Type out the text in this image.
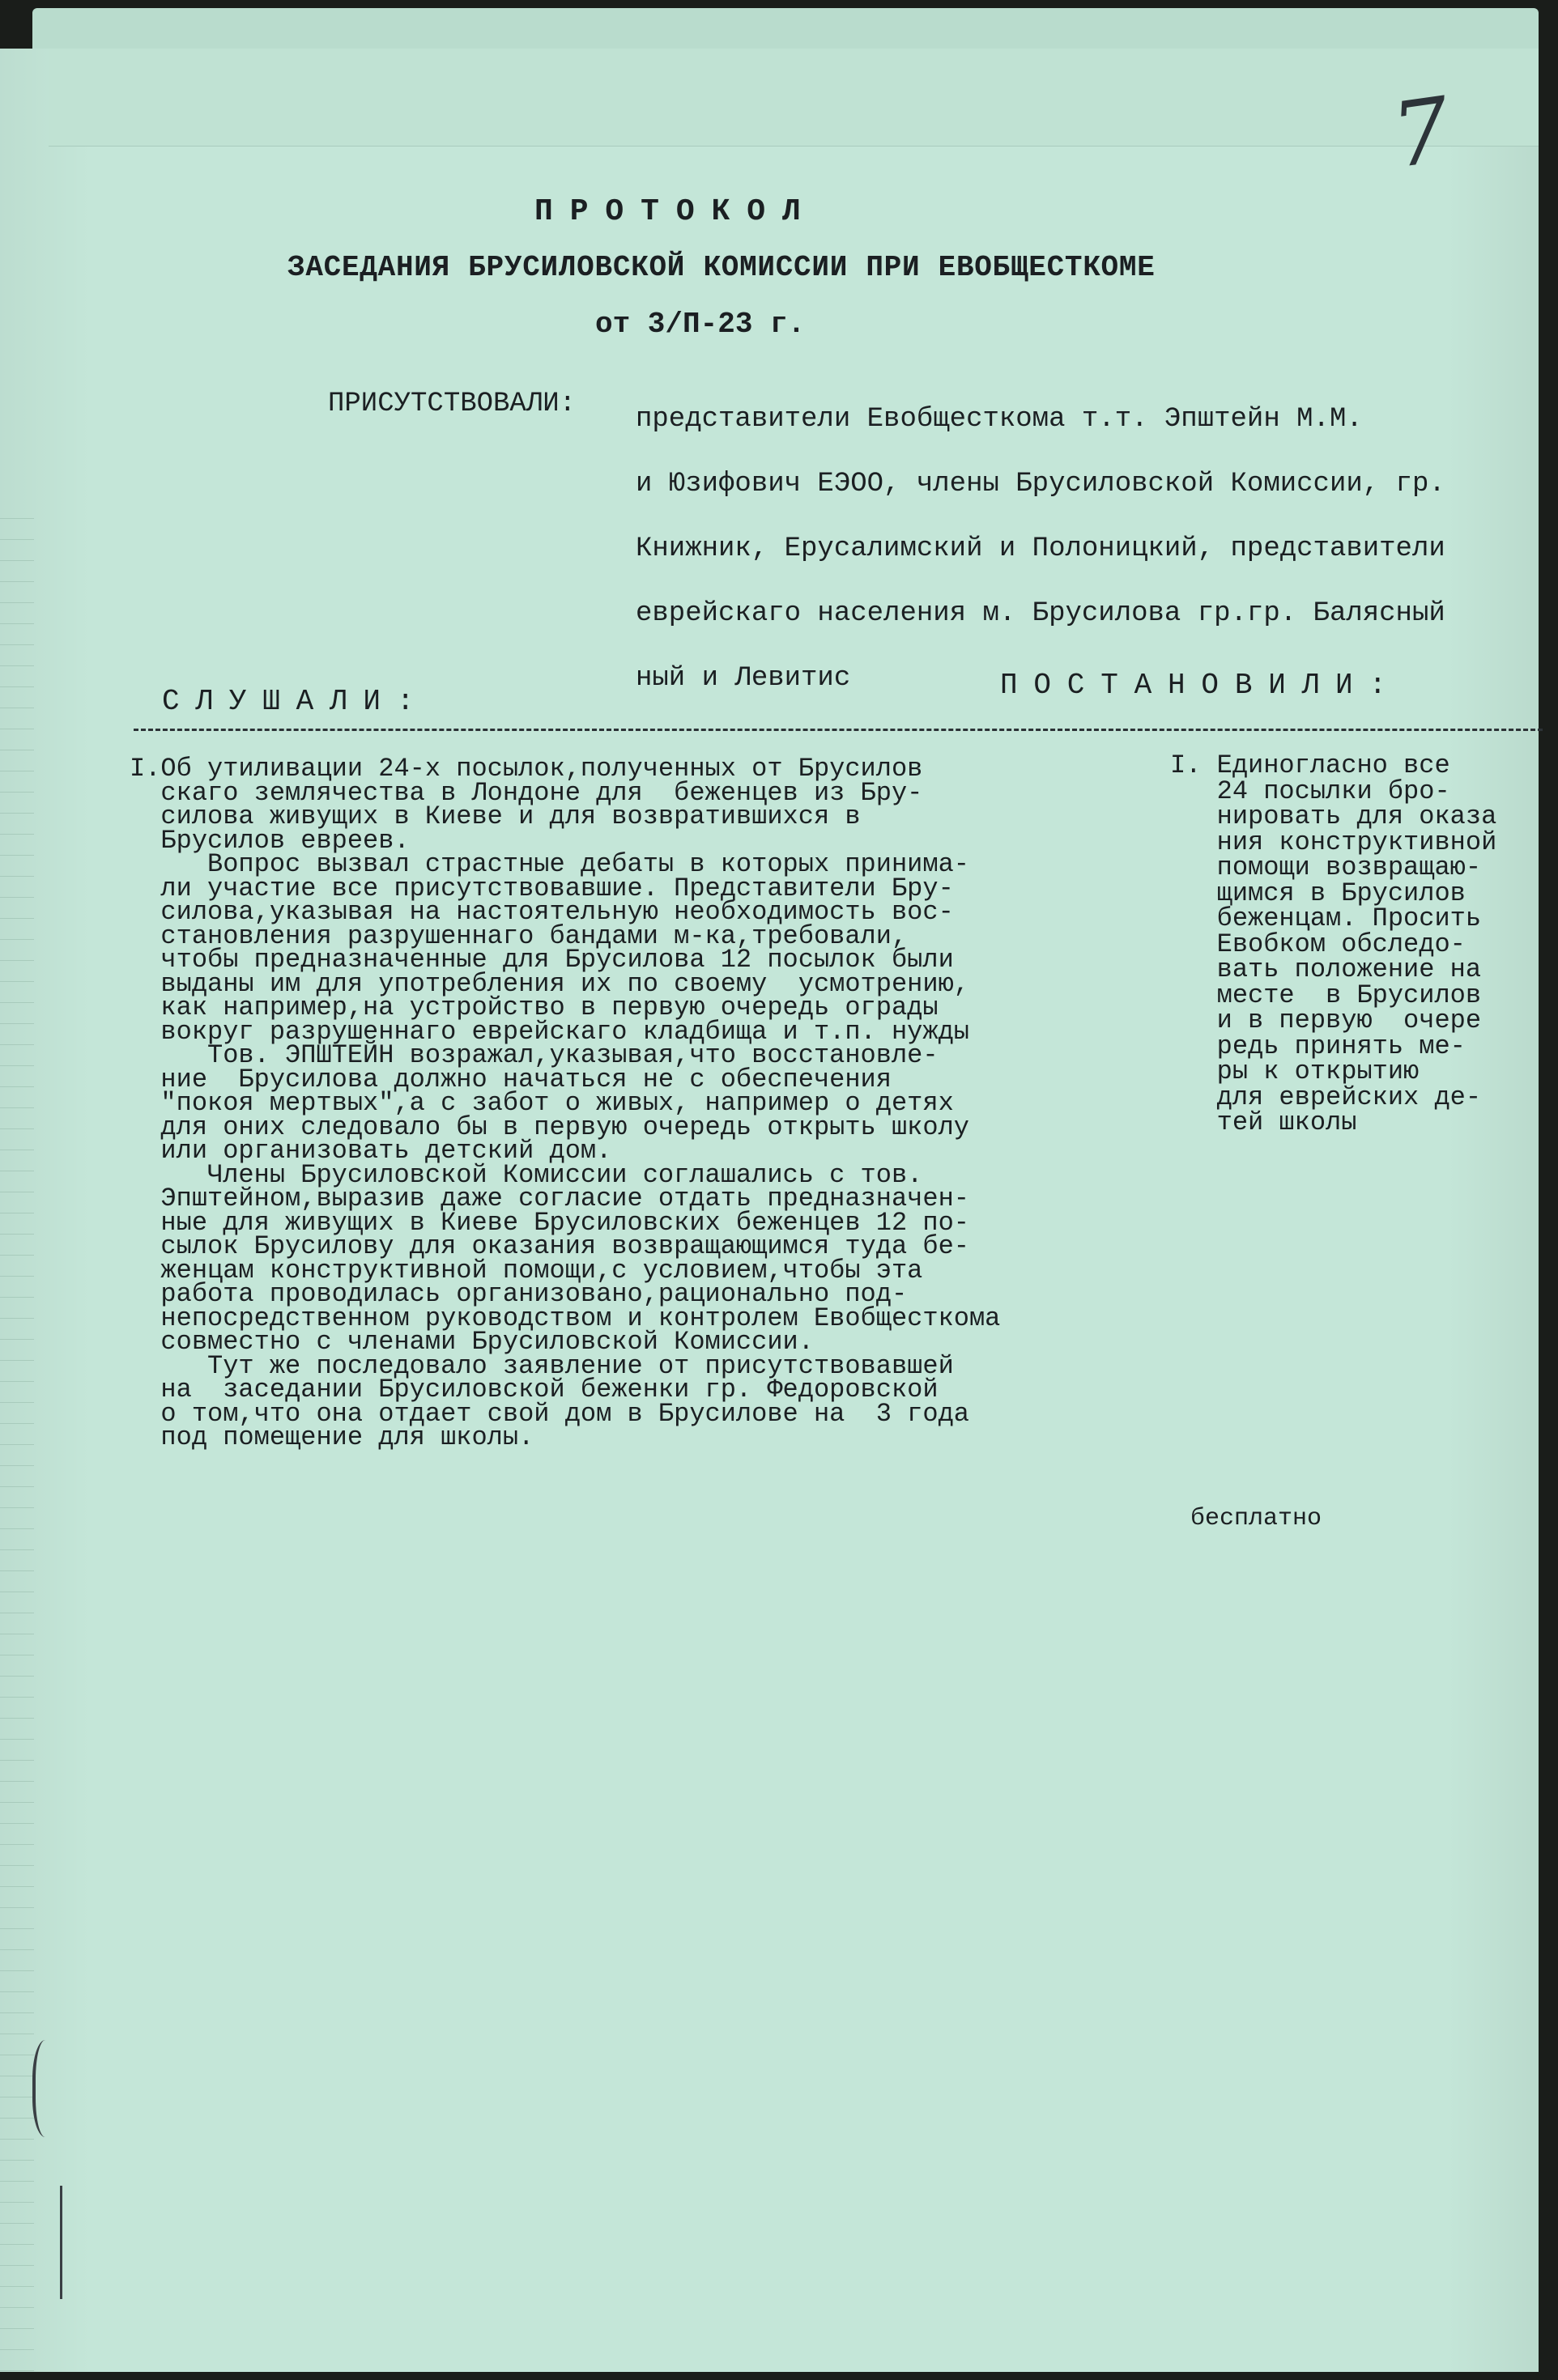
7
ПРОТОКОЛ
ЗАСЕДАНИЯ БРУСИЛОВСКОЙ КОМИССИИ ПРИ ЕВОБЩЕСТКОМЕ
от 3/П-23 г.
ПРИСУТСТВОВАЛИ: представители Евобщесткома т.т. Эпштейн М.М.
и Юзифович ЕЭОО, члены Брусиловской Комиссии, гр.
Книжник, Ерусалимский и Полоницкий, представители
еврейскаго населения м. Брусилова гр.гр. Балясный
ный и Левитис
СЛУШАЛИ:	ПОСТАНОВИЛИ:
I.Об утиливации 24-х посылок,полученных от Брусилов
скаго землячества в Лондоне для  беженцев из Бру-
силова живущих в Киеве и для возвратившихся в
Брусилов евреев.
Вопрос вызвал страстные дебаты в которых принима-
ли участие все присутствовавшие. Представители Бру-
силова,указывая на настоятельную необходимость вос-
становления разрушеннаго бандами м-ка,требовали,
чтобы предназначенные для Брусилова 12 посылок были
выданы им для употребления их по своему  усмотрению,
как например,на устройство в первую очередь ограды
вокруг разрушеннаго еврейскаго кладбища и т.п. нужды
Тов. ЭПШТЕЙН возражал,указывая,что восстановле-
ние  Брусилова должно начаться не с обеспечения
"покоя мертвых",а с забот о живых, например о детях
для оних следовало бы в первую очередь открыть школу
или организовать детский дом.
Члены Брусиловской Комиссии соглашались с тов.
Эпштейном,выразив даже согласие отдать предназначен-
ные для живущих в Киеве Брусиловских беженцев 12 по-
сылок Брусилову для оказания возвращающимся туда бе-
женцам конструктивной помощи,с условием,чтобы эта
работа проводилась организовано,рационально под-
непосредственном руководством и контролем Евобщесткома
совместно с членами Брусиловской Комиссии.
Тут же последовало заявление от присутствовавшей
на  заседании Брусиловской беженки гр. Федоровской
о том,что она отдает свой дом в Брусилове на  3 года
под помещение для школы.
бесплатно
I. Единогласно все
24 посылки бро-
нировать для оказа
ния конструктивной
помощи возвращаю-
щимся в Брусилов
беженцам. Просить
Евобком обследо-
вать положение на
месте  в Брусилов
и в первую  очере
редь принять ме-
ры к открытию
для еврейских де-
тей школы
